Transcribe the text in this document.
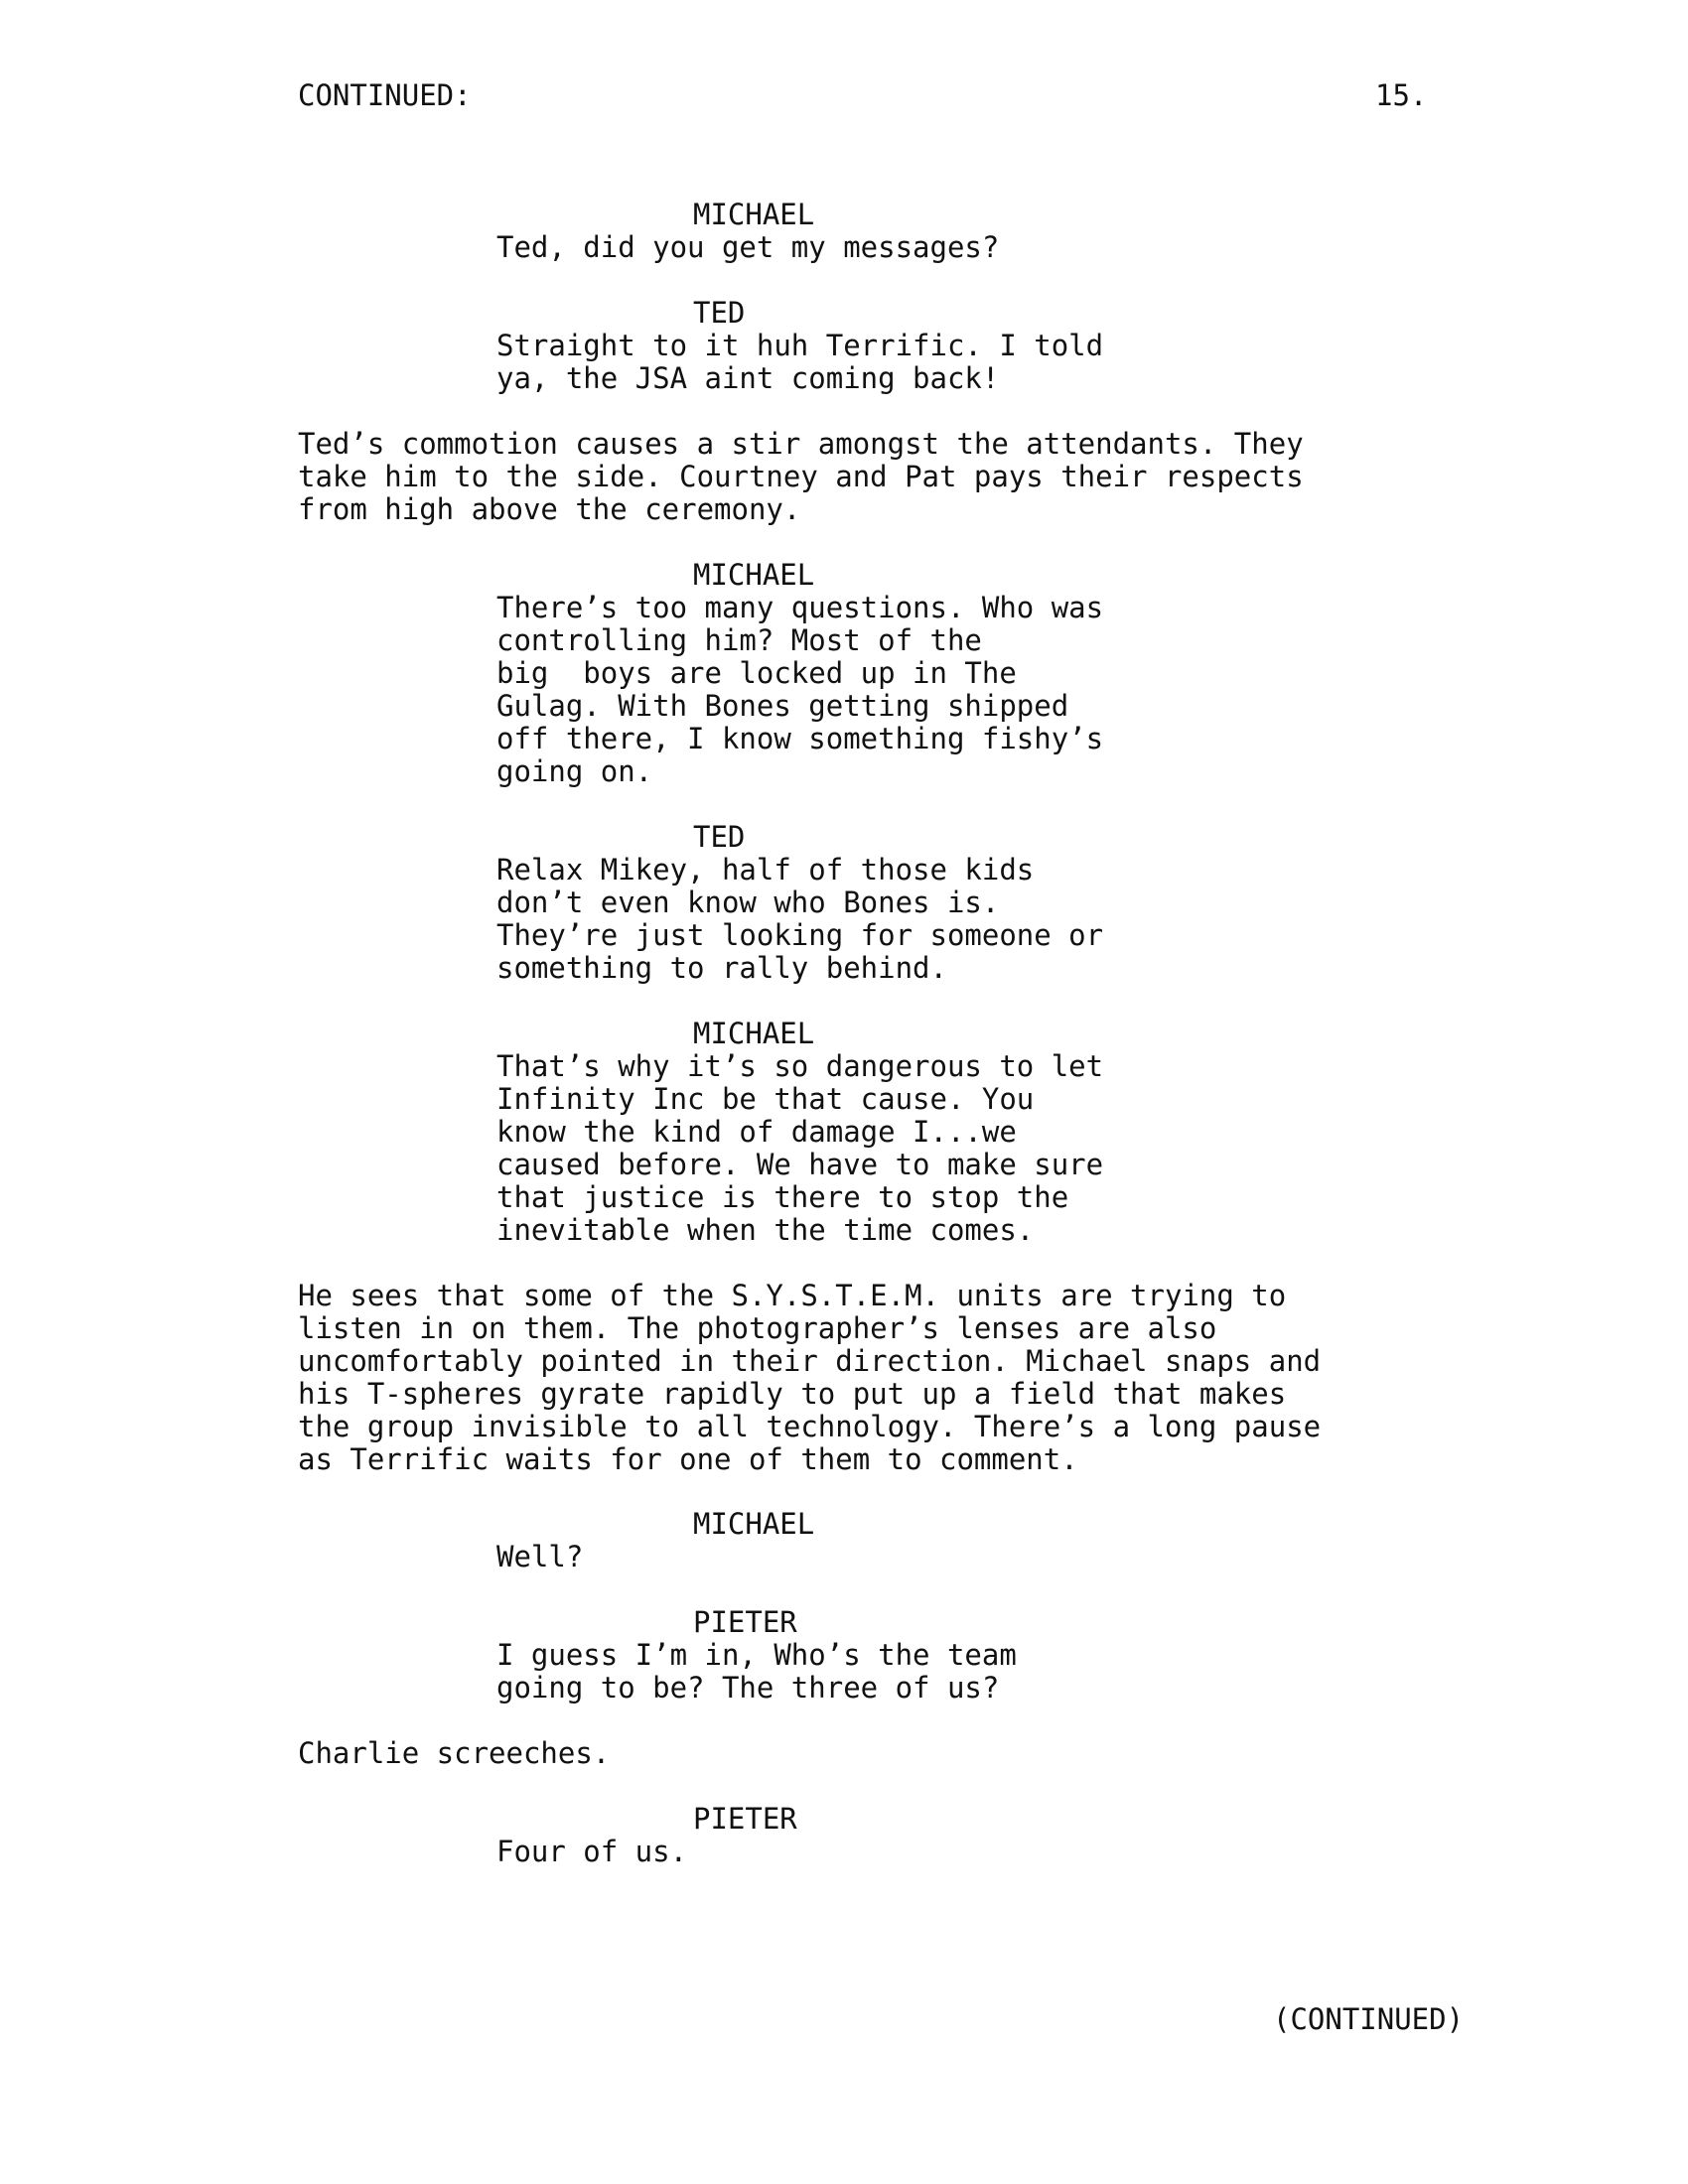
CONTINUED:	15.

MICHAEL

Ted, did you get my messages?

TED

Straight to it huh Terrific. I told
ya, the JSA aint coming back!

Ted’s commotion causes a stir amongst the attendants. They
take him to the side. Courtney and Pat pays their respects
from high above the ceremony.

MICHAEL

There’s too many questions. Who was
controlling him? Most of the
big  boys are locked up in The
Gulag. With Bones getting shipped
off there, I know something fishy’s
going on.

TED

Relax Mikey, half of those kids
don’t even know who Bones is.
They’re just looking for someone or
something to rally behind.

MICHAEL

That’s why it’s so dangerous to let
Infinity Inc be that cause. You
know the kind of damage I...we
caused before. We have to make sure
that justice is there to stop the
inevitable when the time comes.

He sees that some of the S.Y.S.T.E.M. units are trying to
listen in on them. The photographer’s lenses are also
uncomfortably pointed in their direction. Michael snaps and
his T-spheres gyrate rapidly to put up a field that makes
the group invisible to all technology. There’s a long pause
as Terrific waits for one of them to comment.

MICHAEL

Well?

PIETER

I guess I’m in, Who’s the team
going to be? The three of us?

Charlie screeches.

PIETER

Four of us.

(CONTINUED)
